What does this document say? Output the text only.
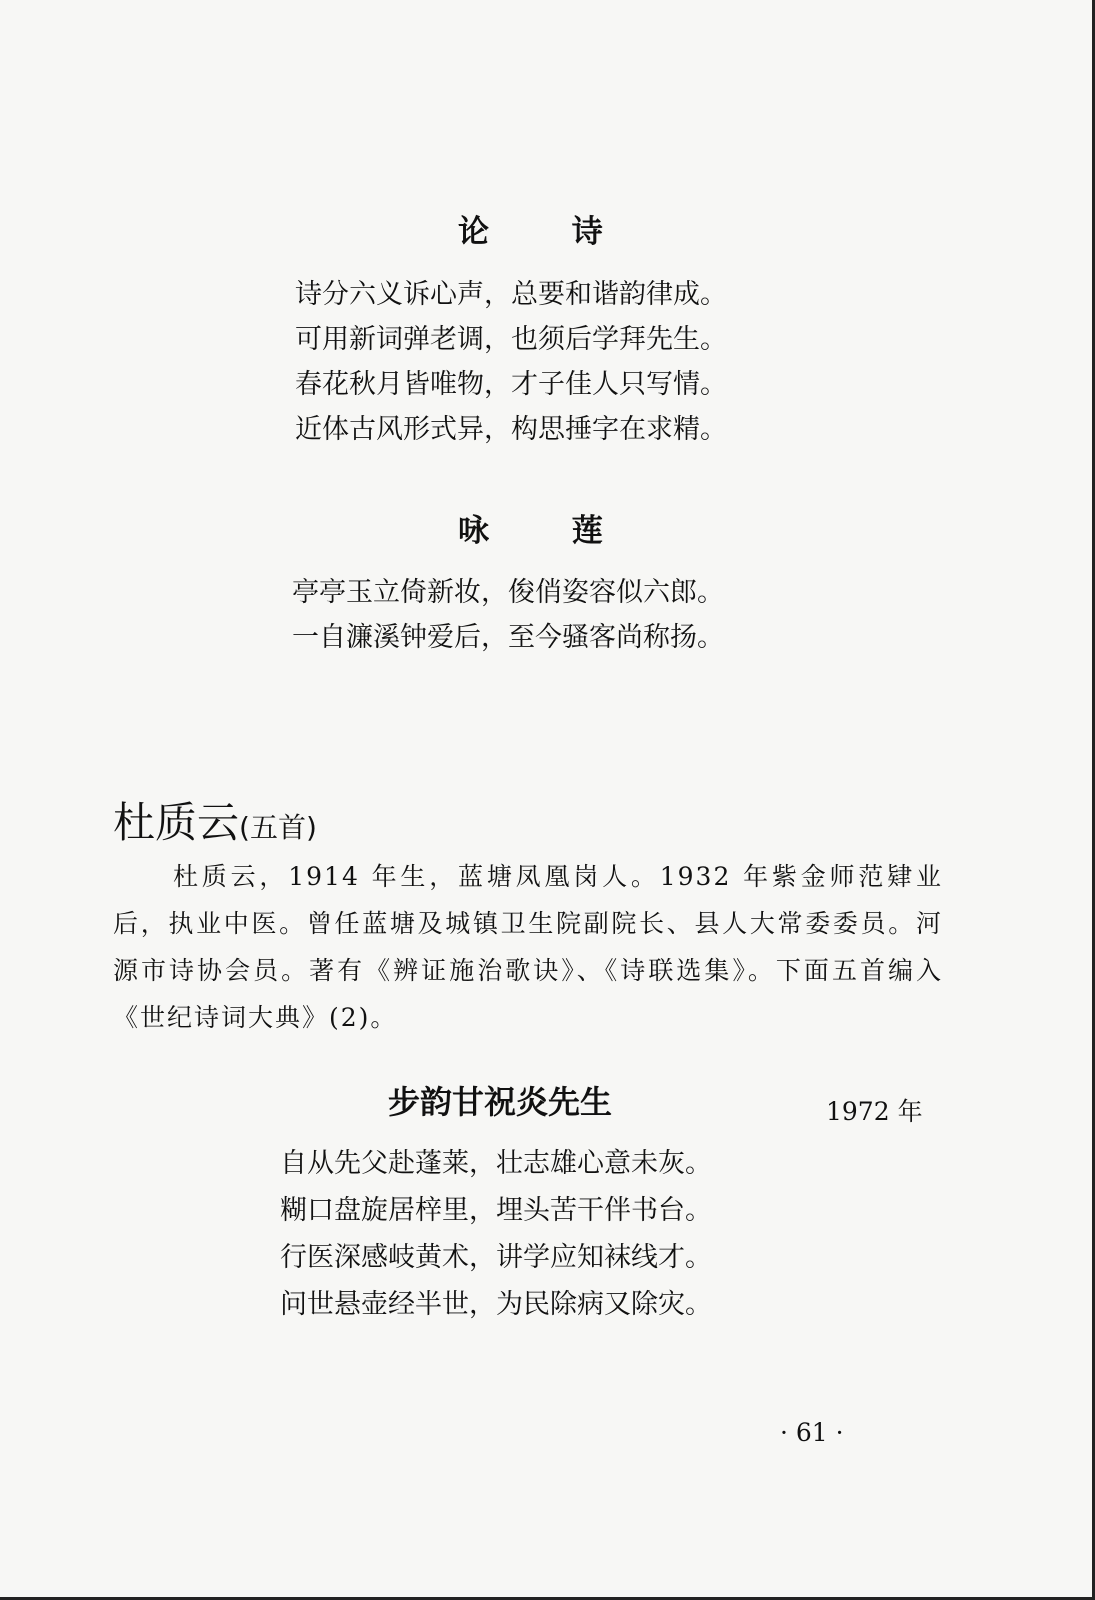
论	诗
诗分六义诉心声，总要和谐韵律成。
可用新词弹老调，也须后学拜先生。
春花秋月皆唯物，才子佳人只写情。
近体古风形式异，构思捶字在求精。
咏	莲
亭亭玉立倚新妆，俊俏姿容似六郎。
一自濂溪钟爱后，至今骚客尚称扬。
杜质云(五首)
杜质云，1914 年生，蓝塘凤凰岗人。1932 年紫金师范肄业后，执业中医。曾任蓝塘及城镇卫生院副院长、县人大常委委员。河源市诗协会员。著有《辨证施治歌诀》、《诗联选集》。下面五首编入《世纪诗词大典》(2)。
步韵甘祝炎先生	1972 年
自从先父赴蓬莱，壮志雄心意未灰。
糊口盘旋居梓里，埋头苦干伴书台。
行医深感岐黄术，讲学应知袜线才。
问世悬壶经半世，为民除病又除灾。
· 61 ·
